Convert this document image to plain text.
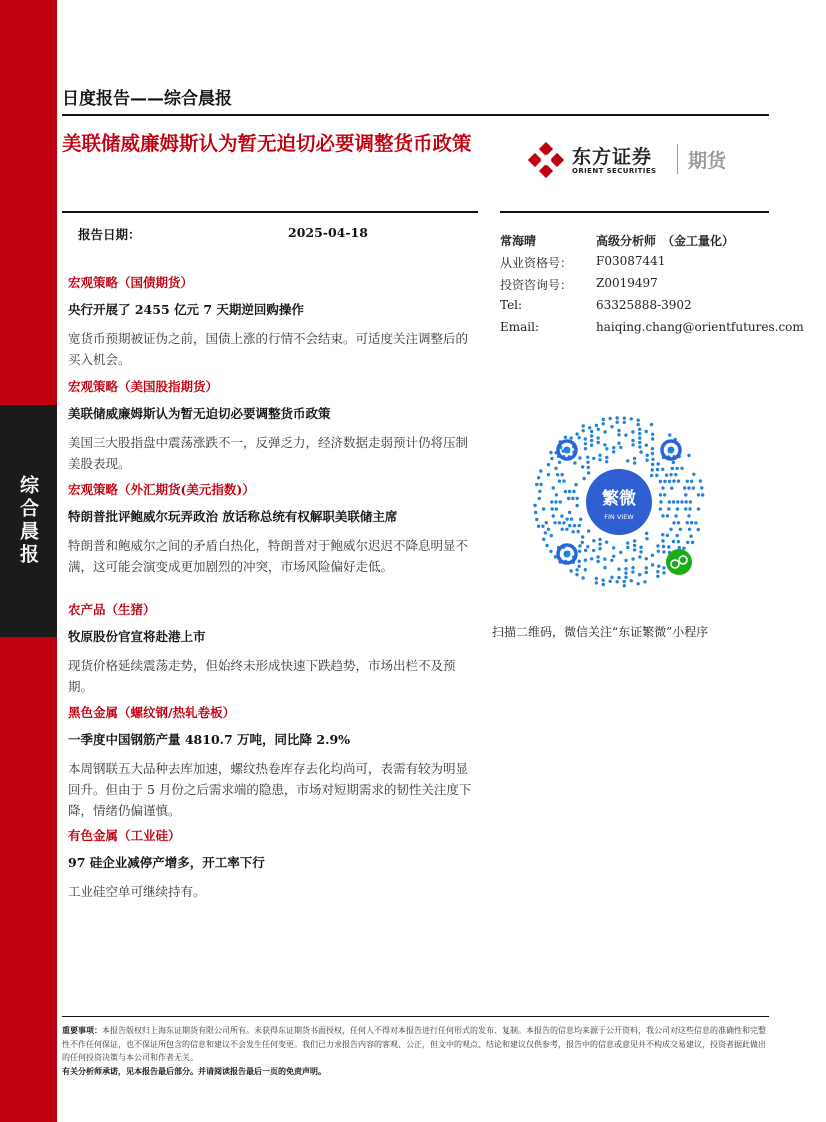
综合晨报
日度报告——综合晨报
美联储威廉姆斯认为暂无迫切必要调整货币政策
东方证券
ORIENT SECURITIES 期货
报告日期：	2025-04-18
宏观策略（国债期货）
央行开展了 2455 亿元 7 天期逆回购操作
宽货币预期被证伪之前，国债上涨的行情不会结束。可适度关注调整后的买入机会。
宏观策略（美国股指期货）
美联储威廉姆斯认为暂无迫切必要调整货币政策
美国三大股指盘中震荡涨跌不一，反弹乏力，经济数据走弱预计仍将压制美股表现。
宏观策略（外汇期货(美元指数)）
特朗普批评鲍威尔玩弄政治 放话称总统有权解职美联储主席
特朗普和鲍威尔之间的矛盾白热化，特朗普对于鲍威尔迟迟不降息明显不满，这可能会演变成更加剧烈的冲突，市场风险偏好走低。
农产品（生猪）
牧原股份官宣将赴港上市
现货价格延续震荡走势，但始终未形成快速下跌趋势，市场出栏不及预期。
黑色金属（螺纹钢/热轧卷板）
一季度中国钢筋产量 4810.7 万吨，同比降 2.9%
本周钢联五大品种去库加速，螺纹热卷库存去化均尚可，表需有较为明显回升。但由于 5 月份之后需求端的隐患，市场对短期需求的韧性关注度下降，情绪仍偏谨慎。
有色金属（工业硅）
97 硅企业减停产增多，开工率下行
工业硅空单可继续持有。
常海晴	高级分析师　（金工量化）
从业资格号： F03087441
投资咨询号： Z0019497
Tel:	63325888-3902
Email:	haiqing.chang@orientfutures.com
繁微
FIN VIEW
扫描二维码，微信关注“东证繁微”小程序
重要事项：本报告版权归上海东证期货有限公司所有。未获得东证期货书面授权，任何人不得对本报告进行任何形式的发布、复制。本报告的信息均来源于公开资料，我公司对这些信息的准确性和完整性不作任何保证，也不保证所包含的信息和建议不会发生任何变更。我们已力求报告内容的客观、公正，但文中的观点、结论和建议仅供参考，报告中的信息或意见并不构成交易建议，投资者据此做出的任何投资决策与本公司和作者无关。
有关分析师承诺，见本报告最后部分。并请阅读报告最后一页的免责声明。
